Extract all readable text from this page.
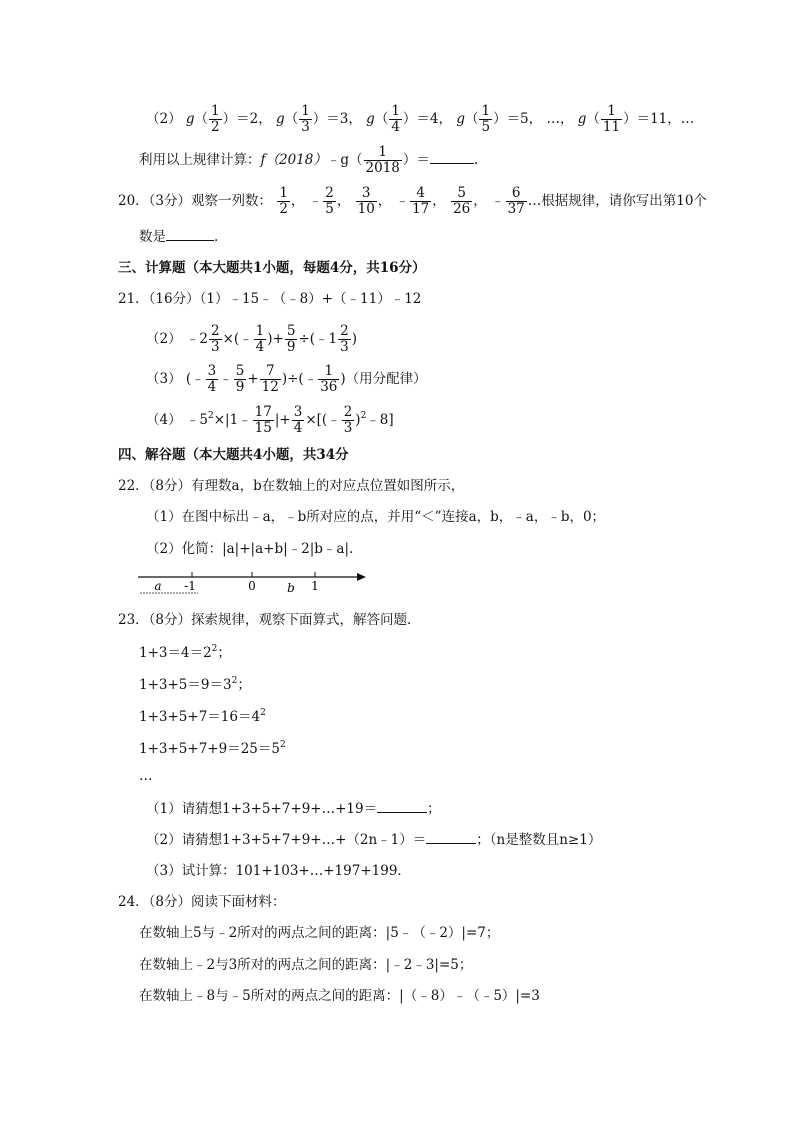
（2） $g( \frac{1}{2} )=2$， $g( \frac{1}{3} )=3$， $g( \frac{1}{4} )=4$， $g( \frac{1}{5} )=5$， …， $g( \frac{1}{11} )=11$，…
利用以上规律计算：f（2018）﹣g（ $\frac{1}{2018}$ ）＝	.
20．（3分）观察一列数： $\frac{1}{2}$ ， ﹣ $\frac{2}{5}$ ， $\frac{3}{10}$ ， ﹣ $\frac{4}{17}$ ， $\frac{5}{26}$ ， ﹣ $\frac{6}{37}$ …根据规律，请你写出第10个
数是	.
三、计算题（本大题共1小题，每题4分，共16分）
21．（16分）（1）﹣15﹣（﹣8）+（﹣11）﹣12
（2） ﹣2 $\frac{2}{3}$ ×(﹣ $\frac{1}{4}$ )+ $\frac{5}{9}$ ÷(﹣1 $\frac{2}{3}$ )
（3） (﹣ $\frac{3}{4}$ ﹣ $\frac{5}{9} + \frac{7}{12}$ )÷(﹣ $\frac{1}{36}$ )（用分配律）
（4） $﹣5^2\times|1﹣ \frac{17}{15}$ |+ $\frac{3}{4}$ ×[(﹣ $\frac{2}{3}$ )$^2$﹣8]
四、解谷题（本大题共4小题，共34分
22．（8分）有理数a，b在数轴上的对应点位置如图所示，
（1）在图中标出﹣a，﹣b所对应的点，并用“＜”连接a，b，﹣a，﹣b，0；
（2）化简：|a|+|a+b|﹣2|b﹣a|.
a -1	0	b 1
23．（8分）探索规律，观察下面算式，解答问题．
$1+3=4=2^2$；
$1+3+5=9=3^2$；
$1+3+5+7=16=4^2$
$1+3+5+7+9=25=5^2$
…
（1）请猜想1+3+5+7+9+…+19＝	；
（2）请猜想1+3+5+7+9+…+（2n﹣1）＝	；（n是整数且n≥1）
（3）试计算：101+103+…+197+199．
24．（8分）阅读下面材料：
在数轴上5与﹣2所对的两点之间的距离：|5﹣（﹣2）|=7；
在数轴上﹣2与3所对的两点之间的距离：|﹣2﹣3|=5；
在数轴上﹣8与﹣5所对的两点之间的距离：|（﹣8）﹣（﹣5）|=3
